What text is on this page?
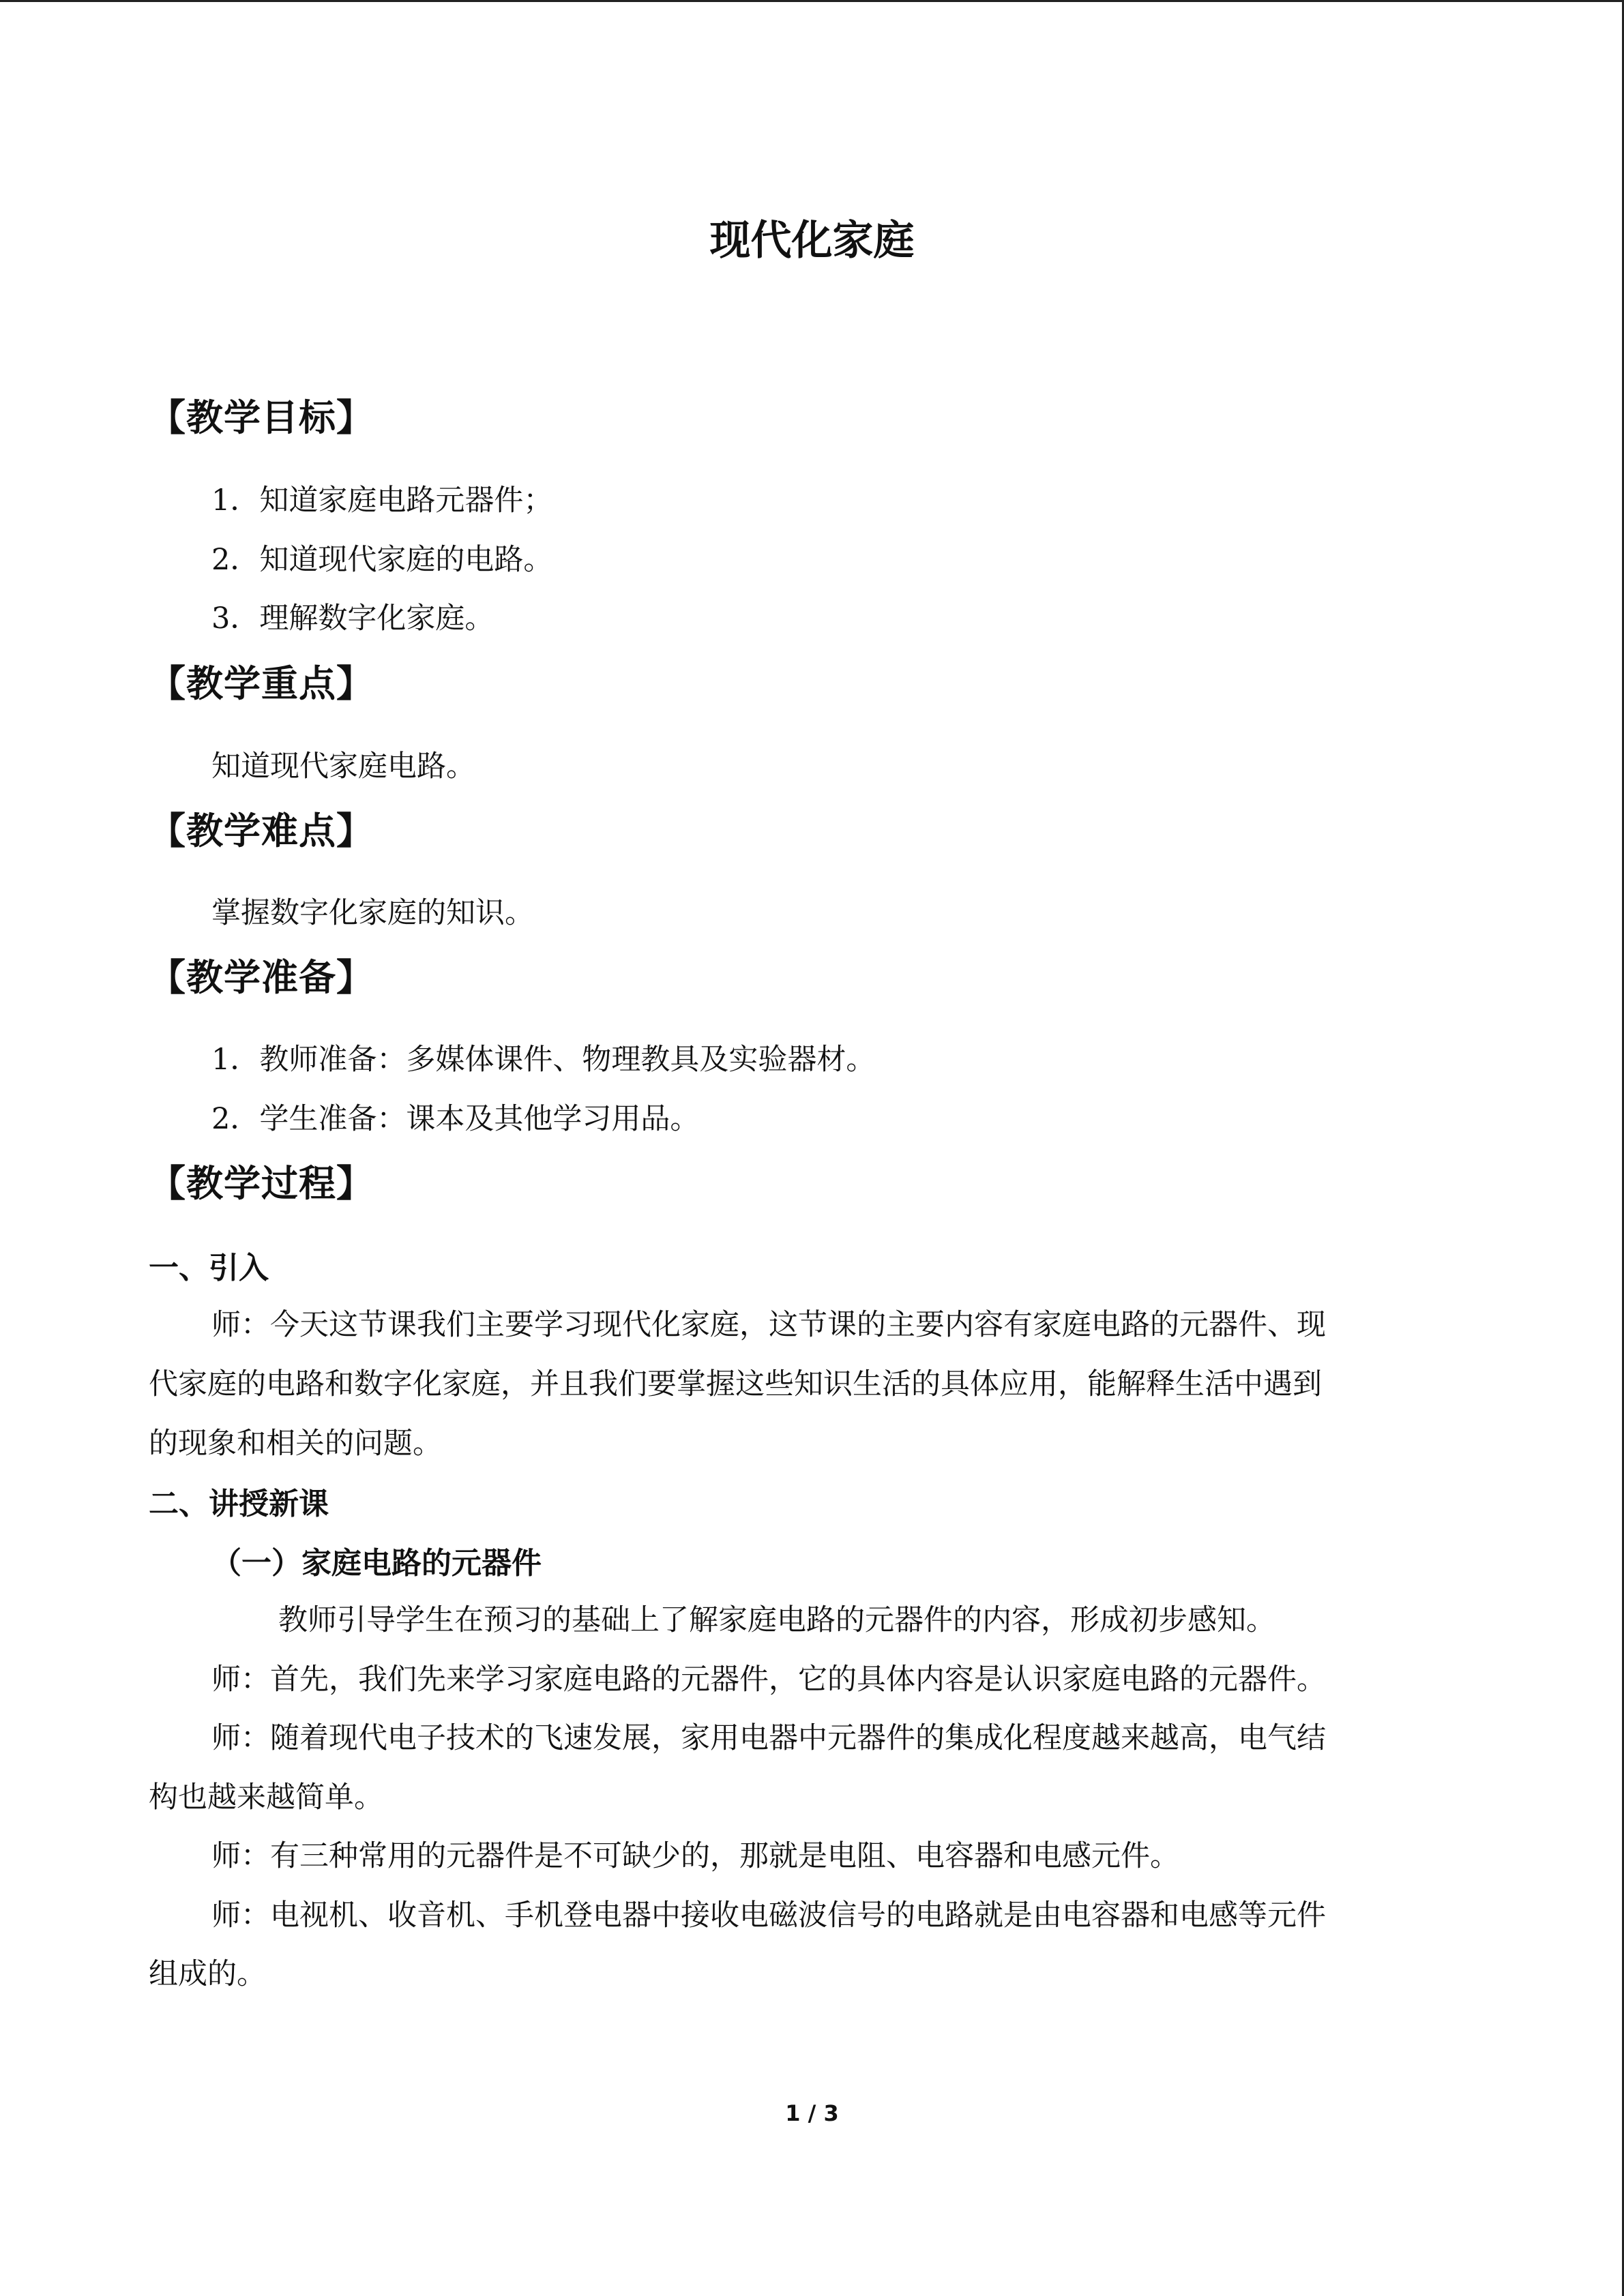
现代化家庭
【教学目标】
1．知道家庭电路元器件；
2．知道现代家庭的电路。
3．理解数字化家庭。
【教学重点】
知道现代家庭电路。
【教学难点】
掌握数字化家庭的知识。
【教学准备】
1．教师准备：多媒体课件、物理教具及实验器材。
2．学生准备：课本及其他学习用品。
【教学过程】
一、引入
师：今天这节课我们主要学习现代化家庭，这节课的主要内容有家庭电路的元器件、现
代家庭的电路和数字化家庭，并且我们要掌握这些知识生活的具体应用，能解释生活中遇到
的现象和相关的问题。
二、讲授新课
（一）家庭电路的元器件
教师引导学生在预习的基础上了解家庭电路的元器件的内容，形成初步感知。
师：首先，我们先来学习家庭电路的元器件，它的具体内容是认识家庭电路的元器件。
师：随着现代电子技术的飞速发展，家用电器中元器件的集成化程度越来越高，电气结
构也越来越简单。
师：有三种常用的元器件是不可缺少的，那就是电阻、电容器和电感元件。
师：电视机、收音机、手机登电器中接收电磁波信号的电路就是由电容器和电感等元件
组成的。
1 / 3
